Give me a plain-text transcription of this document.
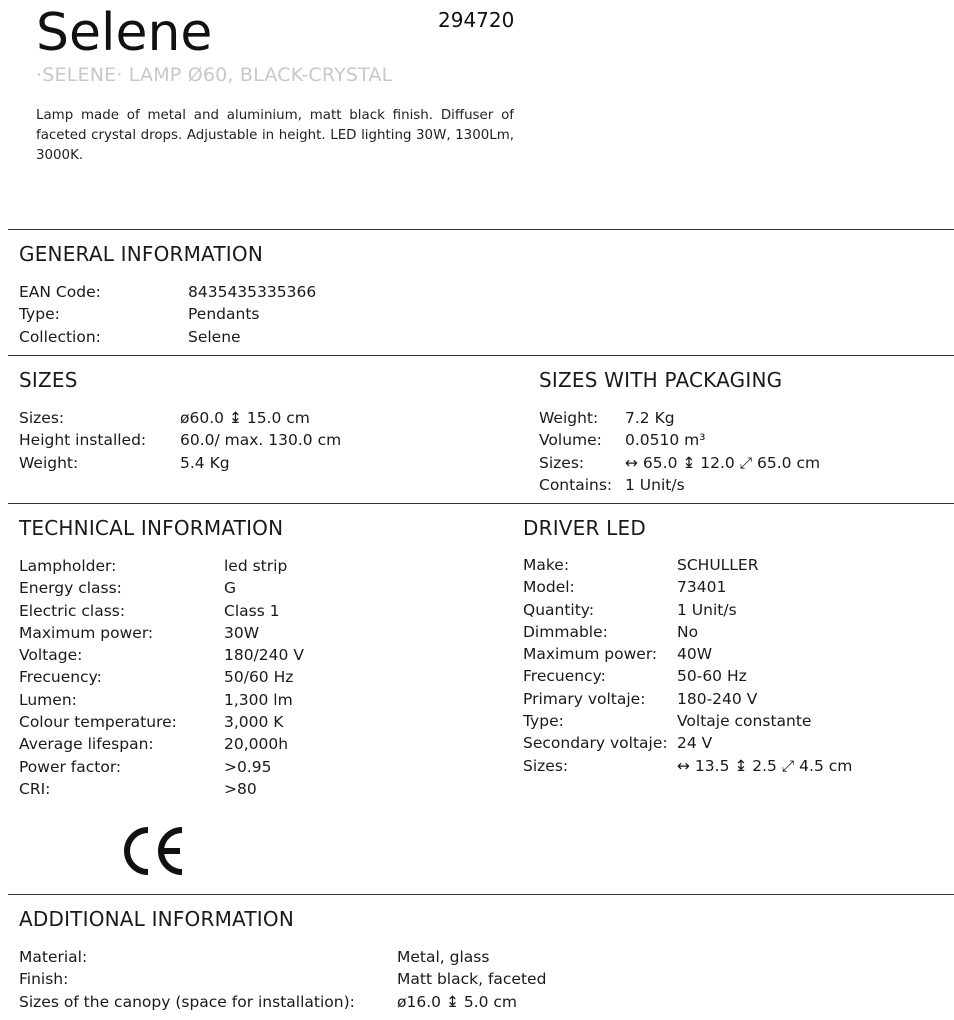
Selene	294720
·SELENE· LAMP Ø60, BLACK-CRYSTAL
Lamp made of metal and aluminium, matt black finish. Diffuser of faceted crystal drops. Adjustable in height. LED lighting 30W, 1300Lm, 3000K.
GENERAL INFORMATION
EAN Code:	8435435335366
Type:	Pendants
Collection:	Selene
SIZES
Sizes:	ø60.0 ↨ 15.0 cm
Height installed:	60.0/ max. 130.0 cm
Weight:	5.4 Kg
SIZES WITH PACKAGING
Weight:	7.2 Kg
Volume:	0.0510 m³
Sizes:	↔ 65.0 ↨ 12.0 ⤢ 65.0 cm
Contains: 1 Unit/s
TECHNICAL INFORMATION
Lampholder:	led strip
Energy class:	G
Electric class:	Class 1
Maximum power:	30W
Voltage:	180/240 V
Frecuency:	50/60 Hz
Lumen:	1,300 lm
Colour temperature:	3,000 K
Average lifespan:	20,000h
Power factor:	>0.95
CRI:	>80
DRIVER LED
Make:	SCHULLER
Model:	73401
Quantity:	1 Unit/s
Dimmable:	No
Maximum power:	40W
Frecuency:	50-60 Hz
Primary voltaje:	180-240 V
Type:	Voltaje constante
Secondary voltaje: 24 V
Sizes:	↔ 13.5 ↨ 2.5 ⤢ 4.5 cm
ADDITIONAL INFORMATION
Material:	Metal, glass
Finish:	Matt black, faceted
Sizes of the canopy (space for installation):	ø16.0 ↨ 5.0 cm
